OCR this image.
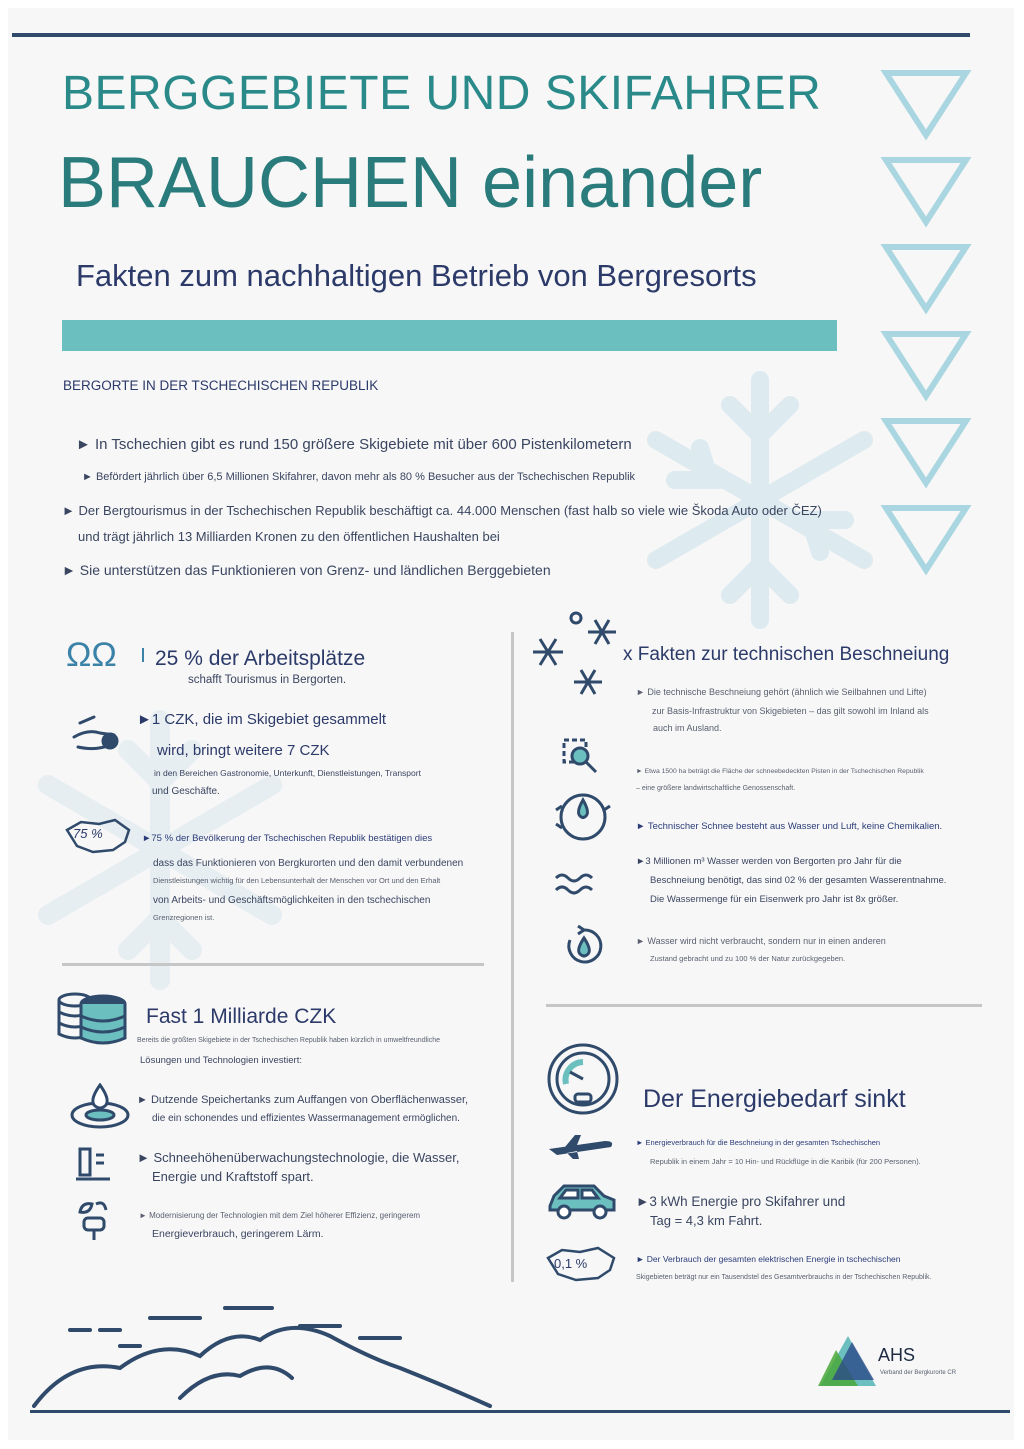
BERGGEBIETE UND SKIFAHRER
BRAUCHEN einander
Fakten zum nachhaltigen Betrieb von Bergresorts
BERGORTE IN DER TSCHECHISCHEN REPUBLIK
► In Tschechien gibt es rund 150 größere Skigebiete mit über 600 Pistenkilometern
► Befördert jährlich über 6,5 Millionen Skifahrer, davon mehr als 80 % Besucher aus der Tschechischen Republik
► Der Bergtourismus in der Tschechischen Republik beschäftigt ca. 44.000 Menschen (fast halb so viele wie Škoda Auto oder ČEZ)
und trägt jährlich 13 Milliarden Kronen zu den öffentlichen Haushalten bei
► Sie unterstützen das Funktionieren von Grenz- und ländlichen Berggebieten
ΩΩ 25 % der Arbeitsplätze
schafft Tourismus in Bergorten.
►1 CZK, die im Skigebiet gesammelt
wird, bringt weitere 7 CZK
in den Bereichen Gastronomie, Unterkunft, Dienstleistungen, Transport
und Geschäfte.
75 %	►75 % der Bevölkerung der Tschechischen Republik bestätigen dies
dass das Funktionieren von Bergkurorten und den damit verbundenen
Dienstleistungen wichtig für den Lebensunterhalt der Menschen vor Ort und den Erhalt
von Arbeits- und Geschäftsmöglichkeiten in den tschechischen
Grenzregionen ist.
Fast 1 Milliarde CZK
Bereits die größten Skigebiete in der Tschechischen Republik haben kürzlich in umweltfreundliche
Lösungen und Technologien investiert:
► Dutzende Speichertanks zum Auffangen von Oberflächenwasser,
die ein schonendes und effizientes Wassermanagement ermöglichen.
► Schneehöhenüberwachungstechnologie, die Wasser,
Energie und Kraftstoff spart.
► Modernisierung der Technologien mit dem Ziel höherer Effizienz, geringerem
Energieverbrauch, geringerem Lärm.
x Fakten zur technischen Beschneiung
► Die technische Beschneiung gehört (ähnlich wie Seilbahnen und Lifte)
zur Basis-Infrastruktur von Skigebieten – das gilt sowohl im Inland als
auch im Ausland.
► Etwa 1500 ha beträgt die Fläche der schneebedeckten Pisten in der Tschechischen Republik
– eine größere landwirtschaftliche Genossenschaft.
► Technischer Schnee besteht aus Wasser und Luft, keine Chemikalien.
►3 Millionen m³ Wasser werden von Bergorten pro Jahr für die
Beschneiung benötigt, das sind 02 % der gesamten Wasserentnahme.
Die Wassermenge für ein Eisenwerk pro Jahr ist 8x größer.
► Wasser wird nicht verbraucht, sondern nur in einen anderen
Zustand gebracht und zu 100 % der Natur zurückgegeben.
Der Energiebedarf sinkt
► Energieverbrauch für die Beschneiung in der gesamten Tschechischen
Republik in einem Jahr = 10 Hin- und Rückflüge in die Karibik (für 200 Personen).
►3 kWh Energie pro Skifahrer und
Tag = 4,3 km Fahrt.
0,1 %	► Der Verbrauch der gesamten elektrischen Energie in tschechischen
Skigebieten beträgt nur ein Tausendstel des Gesamtverbrauchs in der Tschechischen Republik.
AHS
Verband der Bergkurorte CR
